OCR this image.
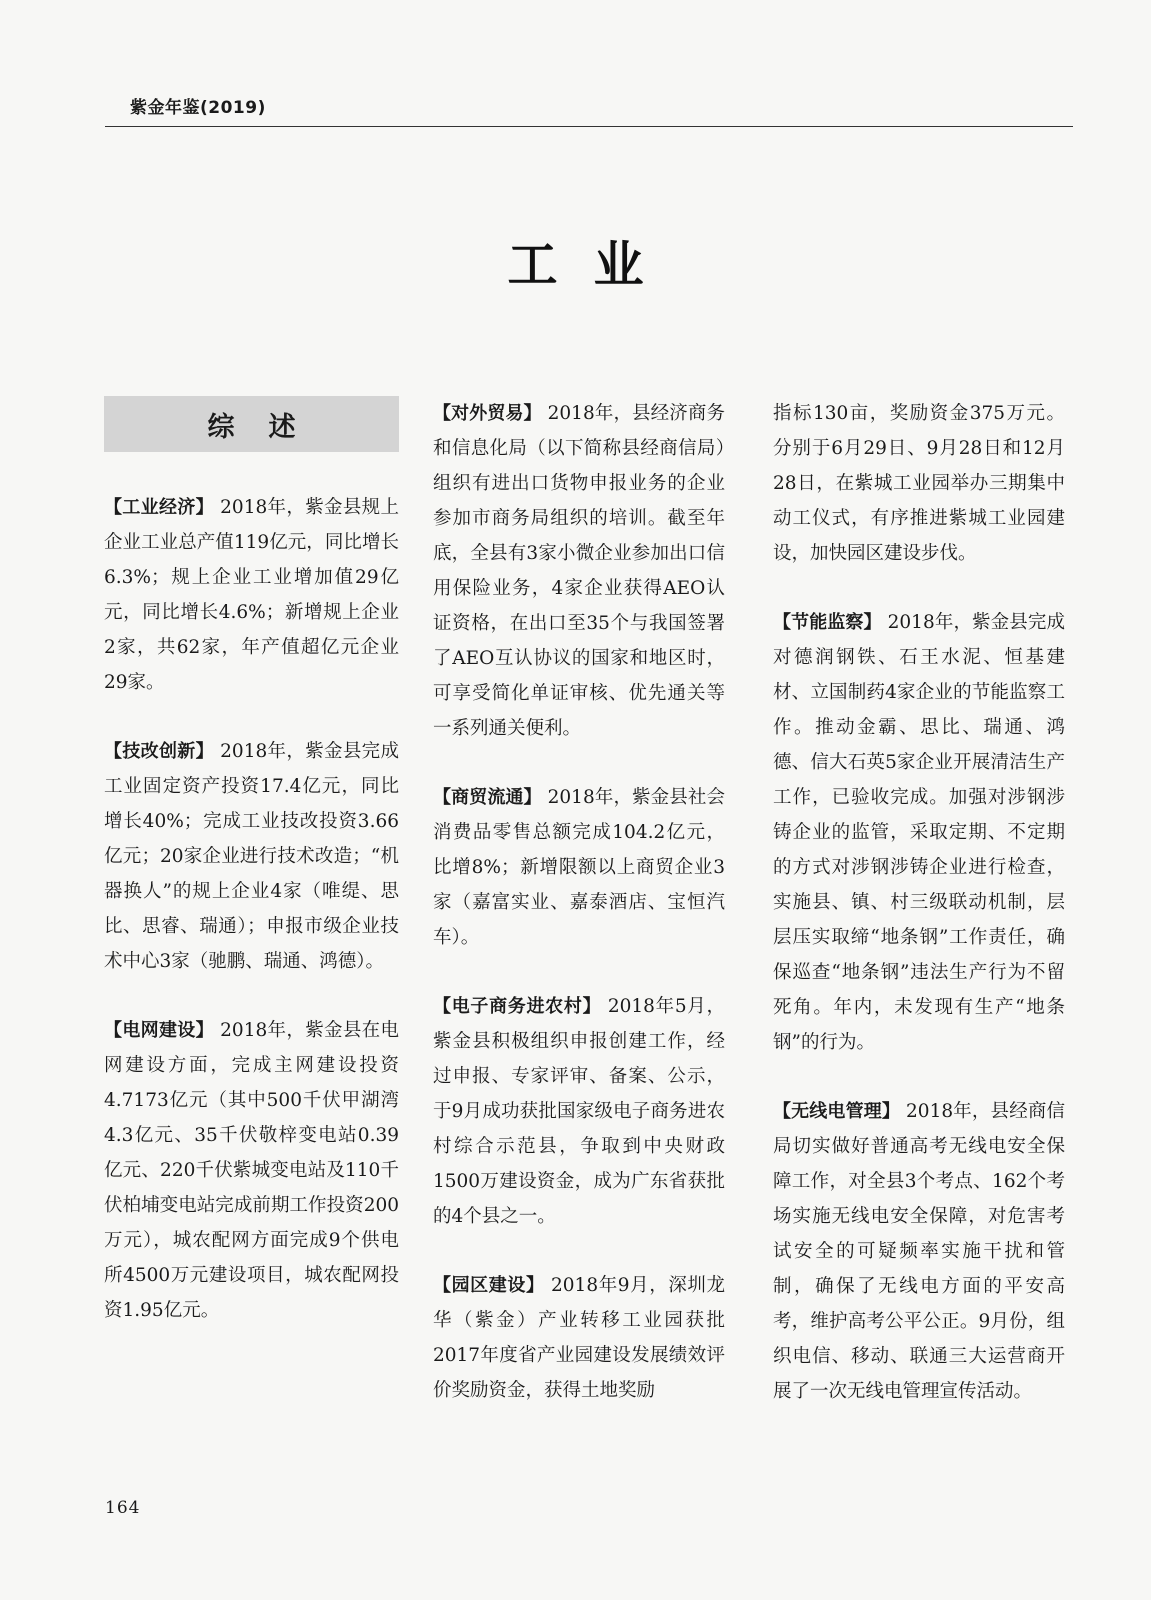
紫金年鉴(2019)
工业
综述

【工业经济】 2018年，紫金县规上企业工业总产值119亿元，同比增长6.3%；规上企业工业增加值29亿元，同比增长4.6%；新增规上企业2家，共62家，年产值超亿元企业29家。

【技改创新】 2018年，紫金县完成工业固定资产投资17.4亿元，同比增长40%；完成工业技改投资3.66亿元；20家企业进行技术改造；“机器换人”的规上企业4家（唯缇、思比、思睿、瑞通）；申报市级企业技术中心3家（驰鹏、瑞通、鸿德）。

【电网建设】 2018年，紫金县在电网建设方面，完成主网建设投资4.7173亿元（其中500千伏甲湖湾4.3亿元、35千伏敬梓变电站0.39亿元、220千伏紫城变电站及110千伏柏埔变电站完成前期工作投资200万元），城农配网方面完成9个供电所4500万元建设项目，城农配网投资1.95亿元。

【对外贸易】 2018年，县经济商务和信息化局（以下简称县经商信局）组织有进出口货物申报业务的企业参加市商务局组织的培训。截至年底，全县有3家小微企业参加出口信用保险业务，4家企业获得AEO认证资格，在出口至35个与我国签署了AEO互认协议的国家和地区时，可享受简化单证审核、优先通关等一系列通关便利。

【商贸流通】 2018年，紫金县社会消费品零售总额完成104.2亿元，比增8%；新增限额以上商贸企业3家（嘉富实业、嘉泰酒店、宝恒汽车）。

【电子商务进农村】 2018年5月，紫金县积极组织申报创建工作，经过申报、专家评审、备案、公示，于9月成功获批国家级电子商务进农村综合示范县，争取到中央财政1500万建设资金，成为广东省获批的4个县之一。

【园区建设】 2018年9月，深圳龙华（紫金）产业转移工业园获批2017年度省产业园建设发展绩效评价奖励资金，获得土地奖励

指标130亩，奖励资金375万元。分别于6月29日、9月28日和12月28日，在紫城工业园举办三期集中动工仪式，有序推进紫城工业园建设，加快园区建设步伐。

【节能监察】 2018年，紫金县完成对德润钢铁、石王水泥、恒基建材、立国制药4家企业的节能监察工作。推动金霸、思比、瑞通、鸿德、信大石英5家企业开展清洁生产工作，已验收完成。加强对涉钢涉铸企业的监管，采取定期、不定期的方式对涉钢涉铸企业进行检查，实施县、镇、村三级联动机制，层层压实取缔“地条钢”工作责任，确保巡查“地条钢”违法生产行为不留死角。年内，未发现有生产“地条钢”的行为。

【无线电管理】 2018年，县经商信局切实做好普通高考无线电安全保障工作，对全县3个考点、162个考场实施无线电安全保障，对危害考试安全的可疑频率实施干扰和管制，确保了无线电方面的平安高考，维护高考公平公正。9月份，组织电信、移动、联通三大运营商开展了一次无线电管理宣传活动。

164
